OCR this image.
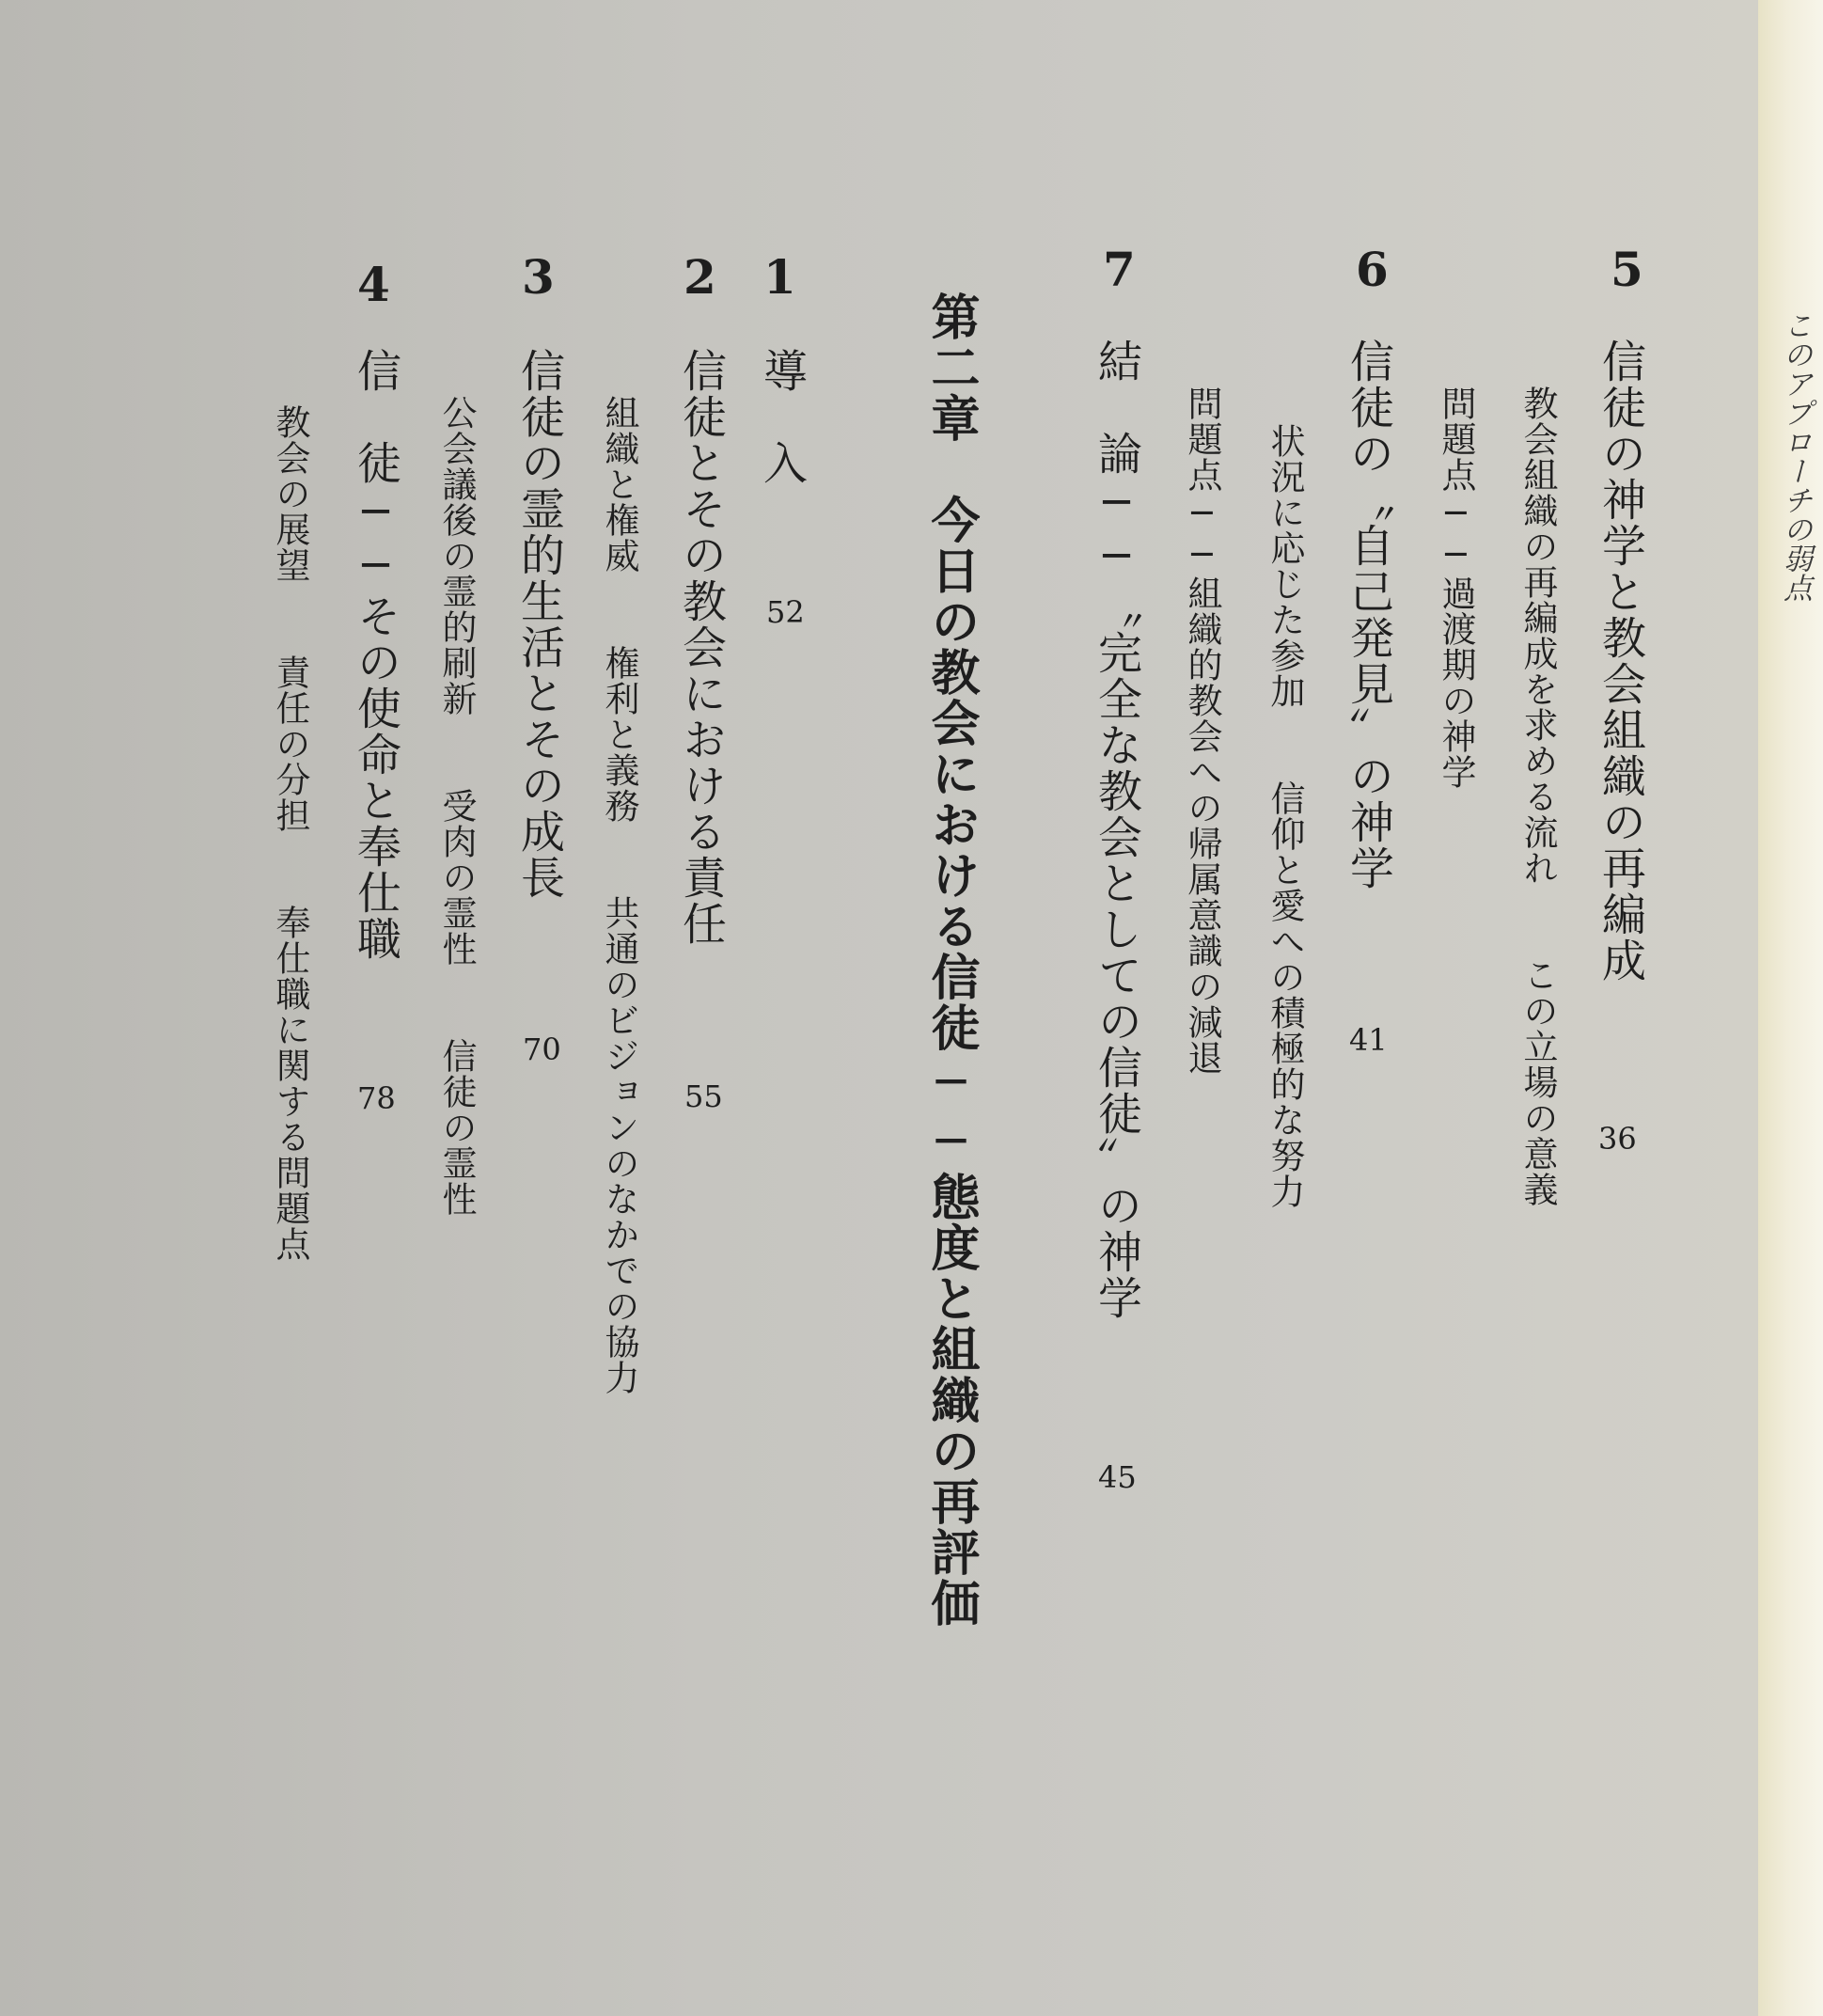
このアプローチの弱点
5
信徒の神学と教会組織の再編成
36
教会組織の再編成を求める流れ　　この立場の意義
問題点──過渡期の神学
6
信徒の〝自己発見〟の神学
41
状況に応じた参加　　信仰と愛への積極的な努力
問題点──組織的教会への帰属意識の減退
7
結　論──〝完全な教会としての信徒〟の神学
45
第二章　今日の教会における信徒──態度と組織の再評価
1
導　入
52
2
信徒とその教会における責任
55
組織と権威　　権利と義務　　共通のビジョンのなかでの協力
3
信徒の霊的生活とその成長
70
公会議後の霊的刷新　　受肉の霊性　　信徒の霊性
4
信　徒──その使命と奉仕職
78
教会の展望　　責任の分担　　奉仕職に関する問題点
